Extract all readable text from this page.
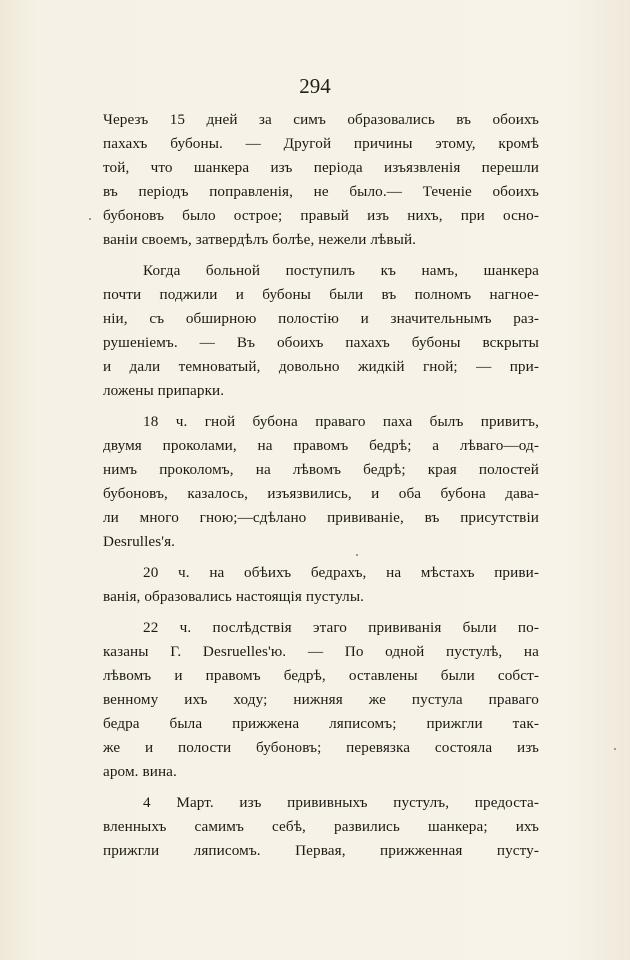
294
Черезъ 15 дней за симъ образовались въ обоихъ
пахахъ бубоны. — Другой причины этому, кромѣ
той, что шанкера изъ періода изъязвленія перешли
въ періодъ поправленія, не было.— Теченіе обоихъ
бубоновъ было острое; правый изъ нихъ, при осно-
ваніи своемъ, затвердѣлъ болѣе, нежели лѣвый.
Когда больной поступилъ къ намъ, шанкера
почти поджили и бубоны были въ полномъ нагное-
ніи, съ обширною полостію и значительнымъ раз-
рушеніемъ. — Въ обоихъ пахахъ бубоны вскрыты
и дали темноватый, довольно жидкій гной; — при-
ложены припарки.
18 ч. гной бубона праваго паха былъ привитъ,
двумя проколами, на правомъ бедрѣ; а лѣваго—од-
нимъ проколомъ, на лѣвомъ бедрѣ; края полостей
бубоновъ, казалось, изъязвились, и оба бубона дава-
ли много гною;—сдѣлано прививаніе, въ присутствіи
Desrulles'я.
20 ч. на обѣихъ бедрахъ, на мѣстахъ приви-
ванія, образовались настоящія пустулы.
22 ч. послѣдствія этаго прививанія были по-
казаны Г. Desruelles'ю. — По одной пустулѣ, на
лѣвомъ и правомъ бедрѣ, оставлены были собст-
венному ихъ ходу; нижняя же пустула праваго
бедра была прижжена ляписомъ; прижгли так-
же и полости бубоновъ; перевязка состояла изъ
аром. вина.
4 Март. изъ прививныхъ пустулъ, предоста-
вленныхъ самимъ себѣ, развились шанкера; ихъ
прижгли ляписомъ. Первая, прижженная пусту-
